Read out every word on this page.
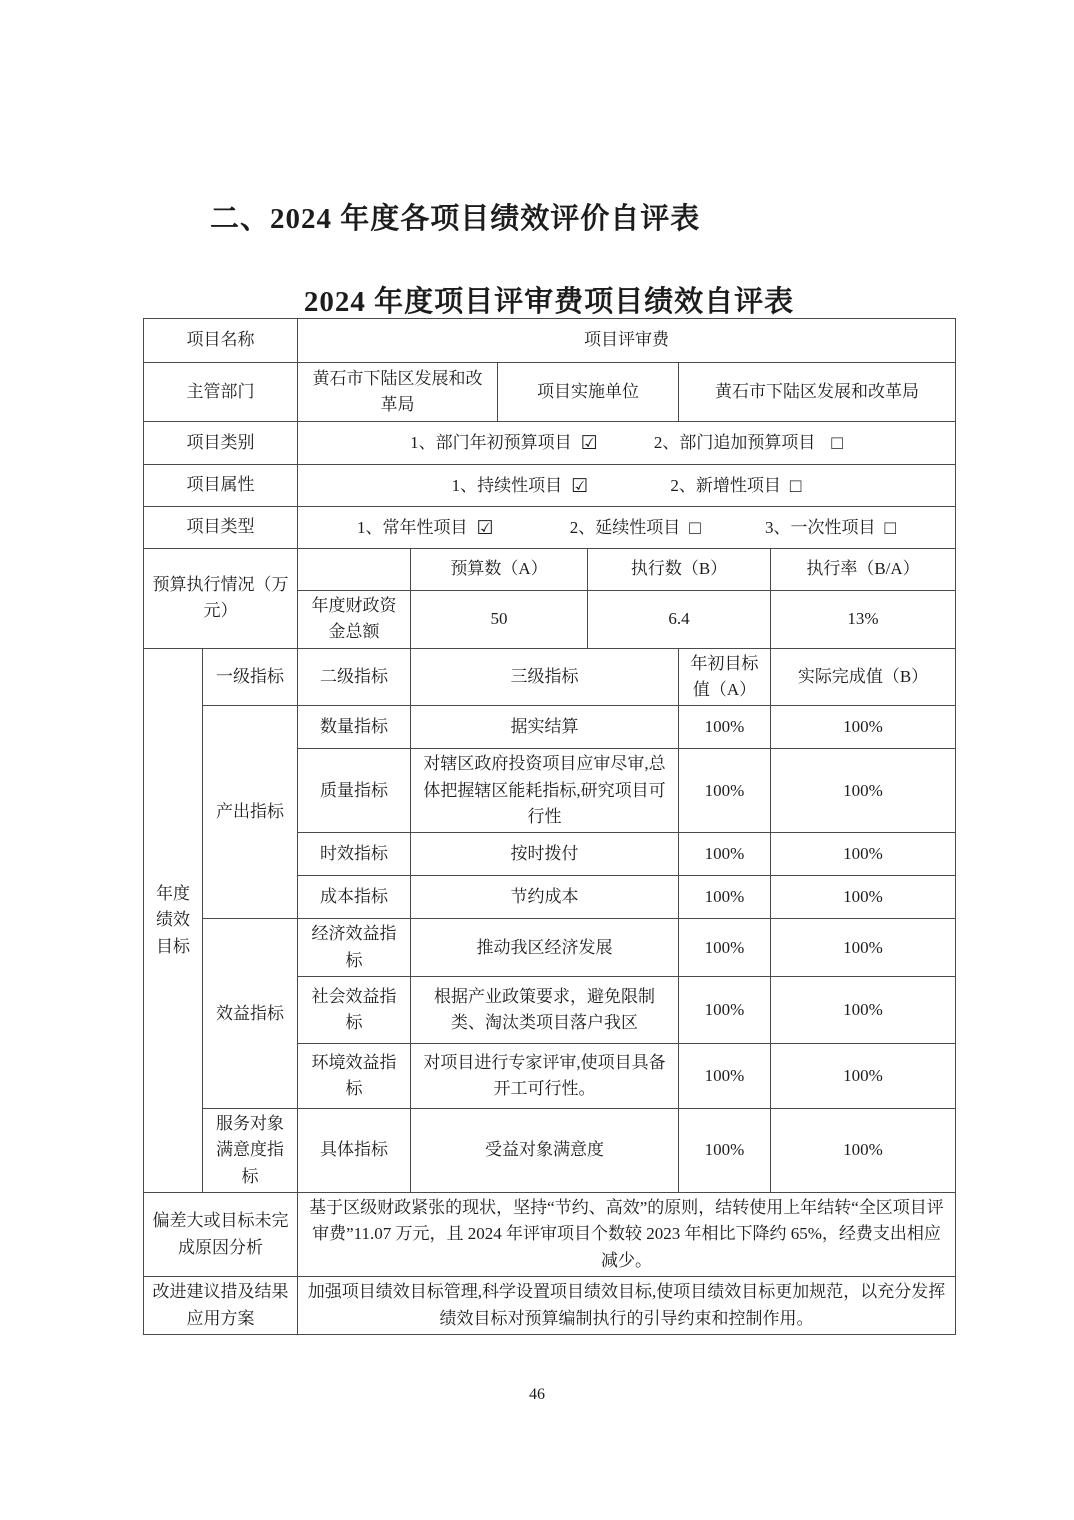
二、2024 年度各项目绩效评价自评表
2024 年度项目评审费项目绩效自评表
项目名称		项目评审费					
主管部门		黄石市下陆区发展和改革局		项目实施单位		黄石市下陆区发展和改革局	
项目类别		1、部门年初预算项目 ☑ 2、部门追加预算项目 □					
项目属性		1、持续性项目 ☑ 2、新增性项目 □					
项目类型		1、常年性项目 ☑ 2、延续性项目 □ 3、一次性项目 □					
预算执行情况（万元）			预算数（A）		执行数（B）		执行率（B/A）
		年度财政资金总额	50		6.4		13%
年度绩效目标	一级指标	二级指标	三级指标			年初目标值（A）	实际完成值（B）
	产出指标	数量指标	据实结算			100%	100%
		质量指标	对辖区政府投资项目应审尽审,总体把握辖区能耗指标,研究项目可行性			100%	100%
		时效指标	按时拨付			100%	100%
		成本指标	节约成本			100%	100%
	效益指标	经济效益指标	推动我区经济发展			100%	100%
		社会效益指标	根据产业政策要求，避免限制类、淘汰类项目落户我区			100%	100%
		环境效益指标	对项目进行专家评审,使项目具备开工可行性。			100%	100%
	服务对象满意度指标	具体指标	受益对象满意度			100%	100%
偏差大或目标未完成原因分析		基于区级财政紧张的现状，坚持“节约、高效”的原则，结转使用上年结转“全区项目评审费”11.07 万元，且 2024 年评审项目个数较 2023 年相比下降约 65%，经费支出相应减少。					
改进建议措及结果应用方案		加强项目绩效目标管理,科学设置项目绩效目标,使项目绩效目标更加规范，以充分发挥绩效目标对预算编制执行的引导约束和控制作用。					
46
